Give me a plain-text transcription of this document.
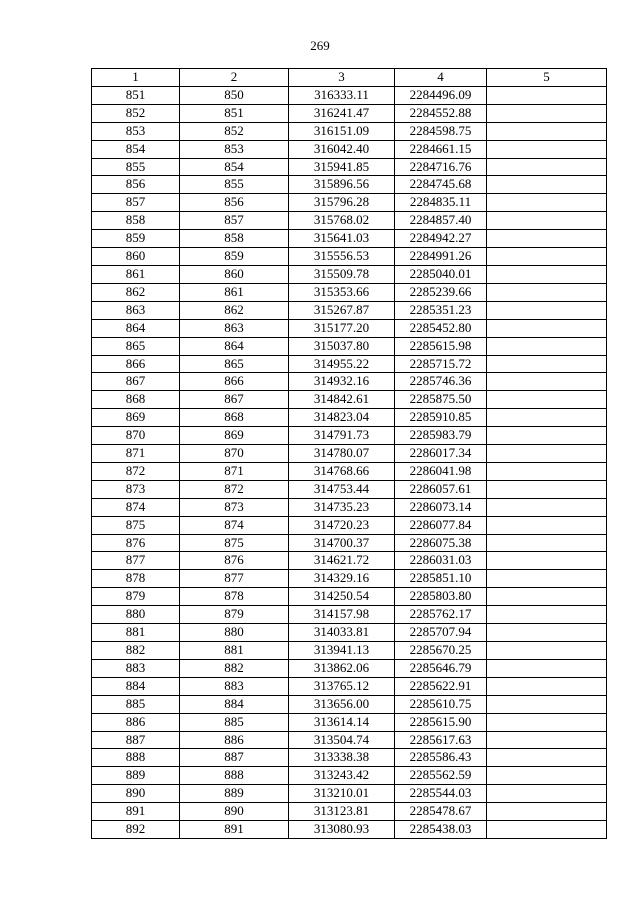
269
1	2	3	4	5
851	850	316333.11	2284496.09	
852	851	316241.47	2284552.88	
853	852	316151.09	2284598.75	
854	853	316042.40	2284661.15	
855	854	315941.85	2284716.76	
856	855	315896.56	2284745.68	
857	856	315796.28	2284835.11	
858	857	315768.02	2284857.40	
859	858	315641.03	2284942.27	
860	859	315556.53	2284991.26	
861	860	315509.78	2285040.01	
862	861	315353.66	2285239.66	
863	862	315267.87	2285351.23	
864	863	315177.20	2285452.80	
865	864	315037.80	2285615.98	
866	865	314955.22	2285715.72	
867	866	314932.16	2285746.36	
868	867	314842.61	2285875.50	
869	868	314823.04	2285910.85	
870	869	314791.73	2285983.79	
871	870	314780.07	2286017.34	
872	871	314768.66	2286041.98	
873	872	314753.44	2286057.61	
874	873	314735.23	2286073.14	
875	874	314720.23	2286077.84	
876	875	314700.37	2286075.38	
877	876	314621.72	2286031.03	
878	877	314329.16	2285851.10	
879	878	314250.54	2285803.80	
880	879	314157.98	2285762.17	
881	880	314033.81	2285707.94	
882	881	313941.13	2285670.25	
883	882	313862.06	2285646.79	
884	883	313765.12	2285622.91	
885	884	313656.00	2285610.75	
886	885	313614.14	2285615.90	
887	886	313504.74	2285617.63	
888	887	313338.38	2285586.43	
889	888	313243.42	2285562.59	
890	889	313210.01	2285544.03	
891	890	313123.81	2285478.67	
892	891	313080.93	2285438.03	
